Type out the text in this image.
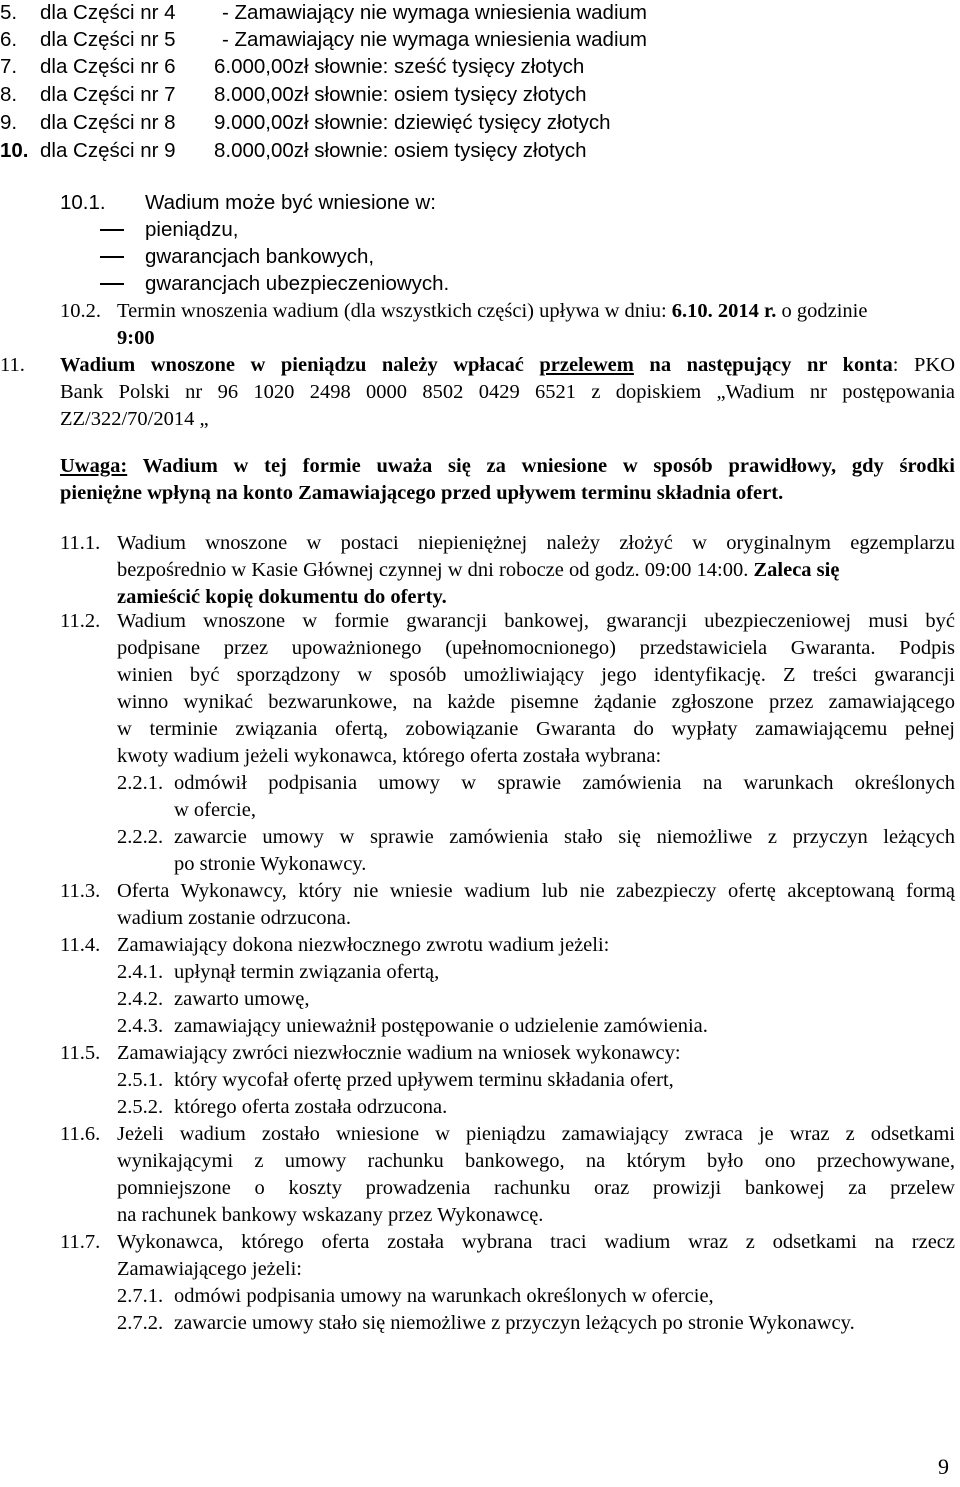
5. dla Części nr 4 - Zamawiający nie wymaga wniesienia wadium
6. dla Części nr 5 - Zamawiający nie wymaga wniesienia wadium
7. dla Części nr 6 6.000,00zł słownie: sześć tysięcy złotych
8. dla Części nr 7 8.000,00zł słownie: osiem tysięcy złotych
9. dla Części nr 8 9.000,00zł słownie: dziewięć tysięcy złotych
10. dla Części nr 9 8.000,00zł słownie: osiem tysięcy złotych
10.1. Wadium może być wniesione w:
pieniądzu,
gwarancjach bankowych,
gwarancjach ubezpieczeniowych.
10.2. Termin wnoszenia wadium (dla wszystkich części) upływa w dniu: 6.10. 2014 r. o godzinie
9:00
11. Wadium wnoszone w pieniądzu należy wpłacać przelewem na następujący nr konta: PKO
Bank Polski nr 96 1020 2498 0000 8502 0429 6521 z dopiskiem „Wadium nr postępowania
ZZ/322/70/2014 „
Uwaga: Wadium w tej formie uważa się za wniesione w sposób prawidłowy, gdy środki
pieniężne wpłyną na konto Zamawiającego przed upływem terminu składnia ofert.
11.1. Wadium wnoszone w postaci niepieniężnej należy złożyć w oryginalnym egzemplarzu
bezpośrednio w Kasie Głównej czynnej w dni robocze od godz. 09:00 14:00. Zaleca się
zamieścić kopię dokumentu do oferty.
11.2. Wadium wnoszone w formie gwarancji bankowej, gwarancji ubezpieczeniowej musi być
podpisane przez upoważnionego (upełnomocnionego) przedstawiciela Gwaranta. Podpis
winien być sporządzony w sposób umożliwiający jego identyfikację. Z treści gwarancji
winno wynikać bezwarunkowe, na każde pisemne żądanie zgłoszone przez zamawiającego
w terminie związania ofertą, zobowiązanie Gwaranta do wypłaty zamawiającemu pełnej
kwoty wadium jeżeli wykonawca, którego oferta została wybrana:
2.2.1. odmówił podpisania umowy w sprawie zamówienia na warunkach określonych
w ofercie,
2.2.2. zawarcie umowy w sprawie zamówienia stało się niemożliwe z przyczyn leżących
po stronie Wykonawcy.
11.3. Oferta Wykonawcy, który nie wniesie wadium lub nie zabezpieczy ofertę akceptowaną formą
wadium zostanie odrzucona.
11.4. Zamawiający dokona niezwłocznego zwrotu wadium jeżeli:
2.4.1. upłynął termin związania ofertą,
2.4.2. zawarto umowę,
2.4.3. zamawiający unieważnił postępowanie o udzielenie zamówienia.
11.5. Zamawiający zwróci niezwłocznie wadium na wniosek wykonawcy:
2.5.1. który wycofał ofertę przed upływem terminu składania ofert,
2.5.2. którego oferta została odrzucona.
11.6. Jeżeli wadium zostało wniesione w pieniądzu zamawiający zwraca je wraz z odsetkami
wynikającymi z umowy rachunku bankowego, na którym było ono przechowywane,
pomniejszone o koszty prowadzenia rachunku oraz prowizji bankowej za przelew
na rachunek bankowy wskazany przez Wykonawcę.
11.7. Wykonawca, którego oferta została wybrana traci wadium wraz z odsetkami na rzecz
Zamawiającego jeżeli:
2.7.1. odmówi podpisania umowy na warunkach określonych w ofercie,
2.7.2. zawarcie umowy stało się niemożliwe z przyczyn leżących po stronie Wykonawcy.
9
